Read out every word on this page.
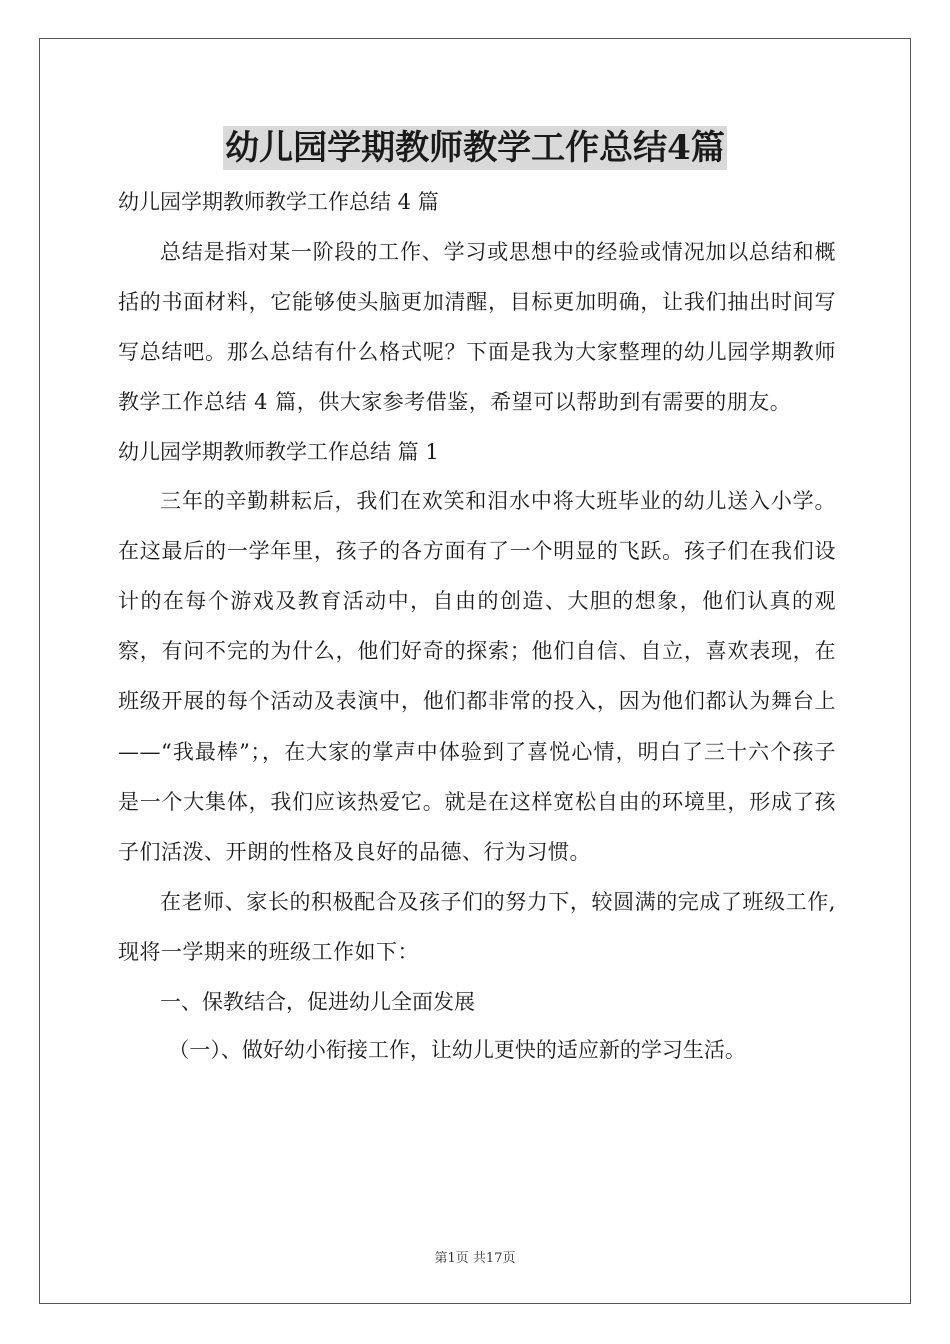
幼儿园学期教师教学工作总结4篇
幼儿园学期教师教学工作总结 4 篇

总结是指对某一阶段的工作、学习或思想中的经验或情况加以总结和概括的书面材料，它能够使头脑更加清醒，目标更加明确，让我们抽出时间写写总结吧。那么总结有什么格式呢？下面是我为大家整理的幼儿园学期教师教学工作总结 4 篇，供大家参考借鉴，希望可以帮助到有需要的朋友。

幼儿园学期教师教学工作总结 篇 1

三年的辛勤耕耘后，我们在欢笑和泪水中将大班毕业的幼儿送入小学。在这最后的一学年里，孩子的各方面有了一个明显的飞跃。孩子们在我们设计的在每个游戏及教育活动中，自由的创造、大胆的想象，他们认真的观察，有问不完的为什么，他们好奇的探索；他们自信、自立，喜欢表现，在班级开展的每个活动及表演中，他们都非常的投入，因为他们都认为舞台上——“我最棒”；，在大家的掌声中体验到了喜悦心情，明白了三十六个孩子是一个大集体，我们应该热爱它。就是在这样宽松自由的环境里，形成了孩子们活泼、开朗的性格及良好的品德、行为习惯。

在老师、家长的积极配合及孩子们的努力下，较圆满的完成了班级工作,现将一学期来的班级工作如下：

一、保教结合，促进幼儿全面发展
（一）、做好幼小衔接工作，让幼儿更快的适应新的学习生活。
第1页 共17页
